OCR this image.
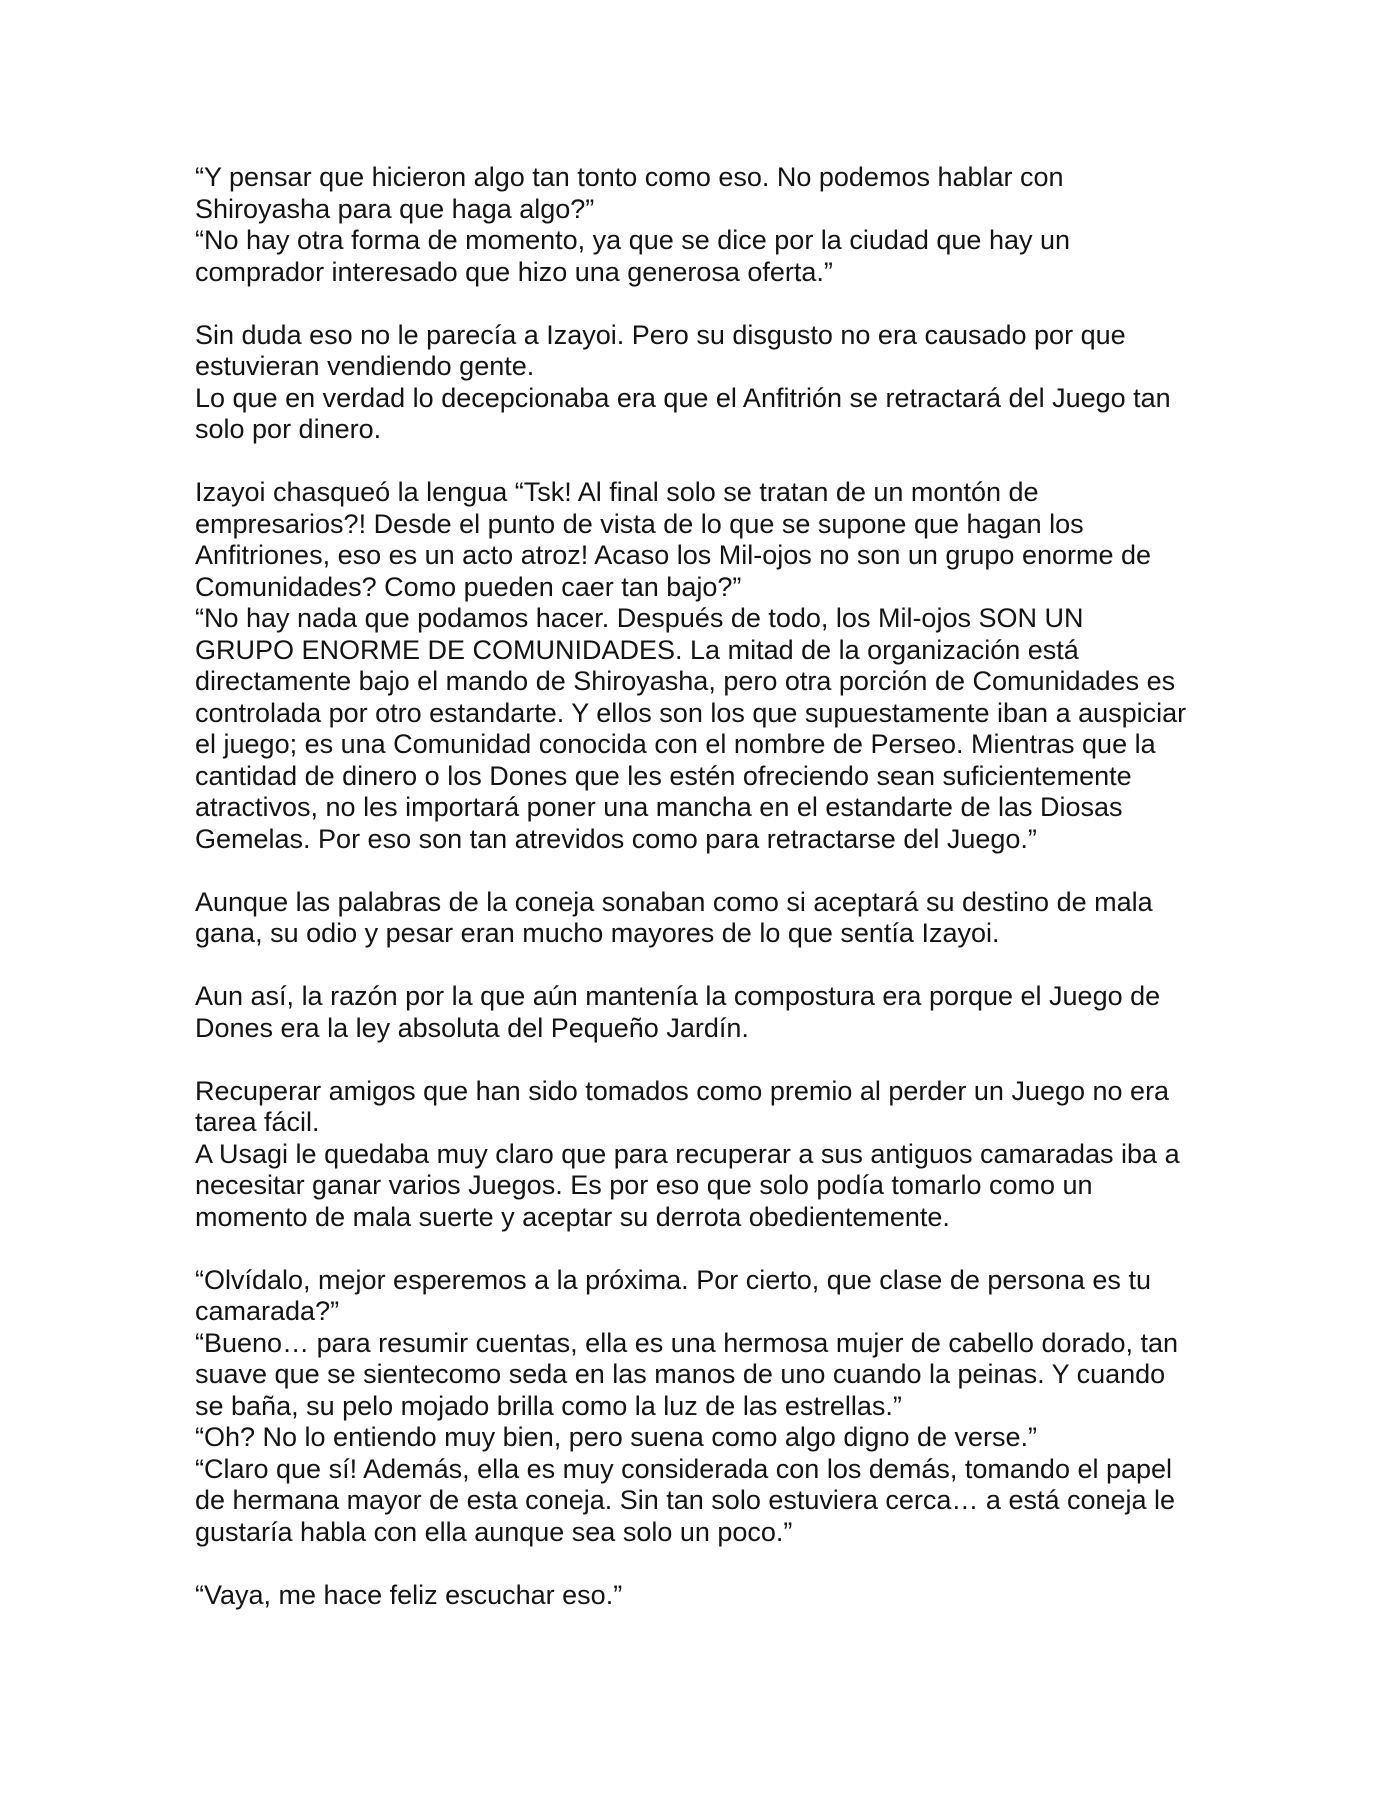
“Y pensar que hicieron algo tan tonto como eso. No podemos hablar con
Shiroyasha para que haga algo?”
“No hay otra forma de momento, ya que se dice por la ciudad que hay un
comprador interesado que hizo una generosa oferta.”

Sin duda eso no le parecía a Izayoi. Pero su disgusto no era causado por que
estuvieran vendiendo gente.
Lo que en verdad lo decepcionaba era que el Anfitrión se retractará del Juego tan
solo por dinero.

Izayoi chasqueó la lengua “Tsk! Al final solo se tratan de un montón de
empresarios?! Desde el punto de vista de lo que se supone que hagan los
Anfitriones, eso es un acto atroz! Acaso los Mil-ojos no son un grupo enorme de
Comunidades? Como pueden caer tan bajo?”
“No hay nada que podamos hacer. Después de todo, los Mil-ojos SON UN
GRUPO ENORME DE COMUNIDADES. La mitad de la organización está
directamente bajo el mando de Shiroyasha, pero otra porción de Comunidades es
controlada por otro estandarte. Y ellos son los que supuestamente iban a auspiciar
el juego; es una Comunidad conocida con el nombre de Perseo. Mientras que la
cantidad de dinero o los Dones que les estén ofreciendo sean suficientemente
atractivos, no les importará poner una mancha en el estandarte de las Diosas
Gemelas. Por eso son tan atrevidos como para retractarse del Juego.”

Aunque las palabras de la coneja sonaban como si aceptará su destino de mala
gana, su odio y pesar eran mucho mayores de lo que sentía Izayoi.

Aun así, la razón por la que aún mantenía la compostura era porque el Juego de
Dones era la ley absoluta del Pequeño Jardín.

Recuperar amigos que han sido tomados como premio al perder un Juego no era
tarea fácil.
A Usagi le quedaba muy claro que para recuperar a sus antiguos camaradas iba a
necesitar ganar varios Juegos. Es por eso que solo podía tomarlo como un
momento de mala suerte y aceptar su derrota obedientemente.

“Olvídalo, mejor esperemos a la próxima. Por cierto, que clase de persona es tu
camarada?”
“Bueno… para resumir cuentas, ella es una hermosa mujer de cabello dorado, tan
suave que se sientecomo seda en las manos de uno cuando la peinas. Y cuando
se baña, su pelo mojado brilla como la luz de las estrellas.”
“Oh? No lo entiendo muy bien, pero suena como algo digno de verse.”
“Claro que sí! Además, ella es muy considerada con los demás, tomando el papel
de hermana mayor de esta coneja. Sin tan solo estuviera cerca… a está coneja le
gustaría habla con ella aunque sea solo un poco.”

“Vaya, me hace feliz escuchar eso.”
